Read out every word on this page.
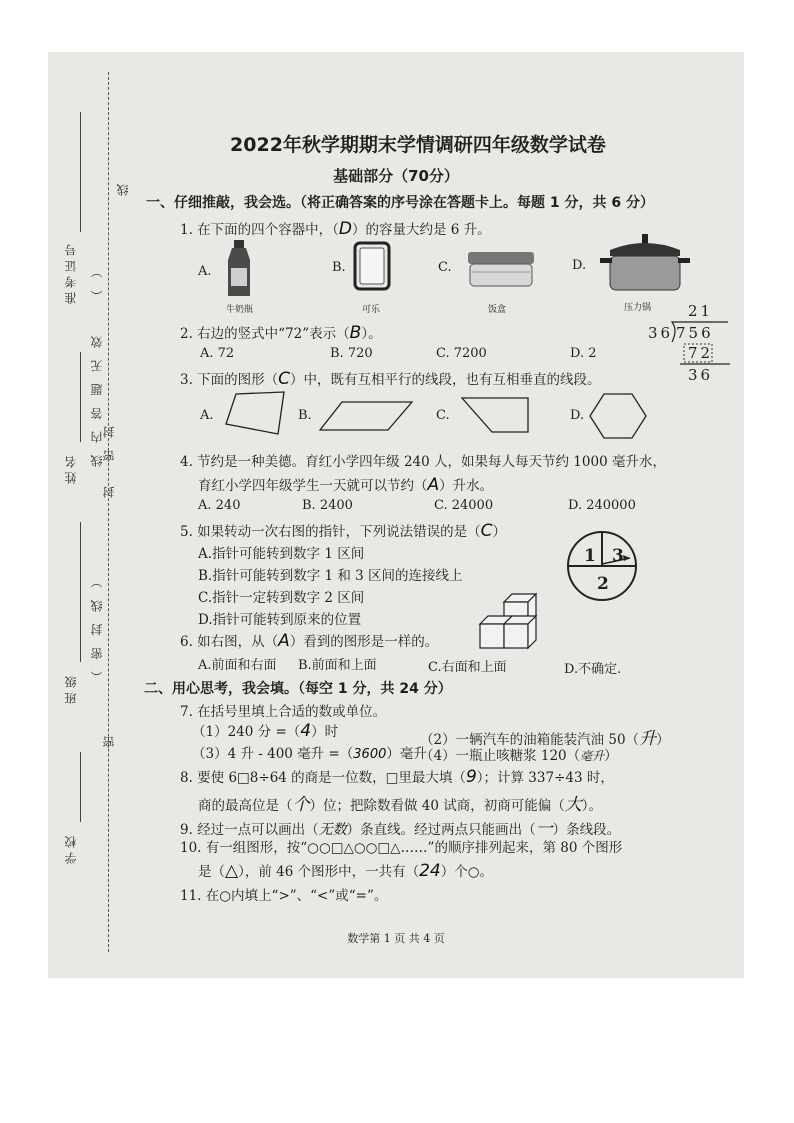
准考证号 （ ）
姓名
班级
学校
线 内 答 题 无 效
密 封
（ 密 封 线 ）
线
封
密
2022年秋学期期末学情调研四年级数学试卷
基础部分（70分）
一、仔细推敲，我会选。（将正确答案的序号涂在答题卡上。每题 1 分，共 6 分）
1. 在下面的四个容器中，（D）的容量大约是 6 升。
A.
牛奶瓶
B.
可乐
C.
饭盒
D.
压力锅
2. 右边的竖式中“72”表示（B）。
A. 72	B. 720	C. 7200	D. 2
21
36 756
72
36
3. 下面的图形（C）中，既有互相平行的线段，也有互相垂直的线段。
A.	B.	C.	D.
4. 节约是一种美德。育红小学四年级 240 人，如果每人每天节约 1000 毫升水，
育红小学四年级学生一天就可以节约（A）升水。
A. 240	B. 2400	C. 24000	D. 240000
5. 如果转动一次右图的指针，下列说法错误的是（C）
A.指针可能转到数字 1 区间
B.指针可能转到数字 1 和 3 区间的连接线上
C.指针一定转到数字 2 区间
D.指针可能转到原来的位置
1 3
2
6. 如右图，从（A）看到的图形是一样的。
A.前面和右面 B.前面和上面	C.右面和上面	D.不确定.
二、用心思考，我会填。（每空 1 分，共 24 分）
7. 在括号里填上合适的数或单位。
（1）240 分 =（4）时	（2）一辆汽车的油箱能装汽油 50（升）
（3）4 升 - 400 毫升 =（3600）毫升
（4）一瓶止咳糖浆 120（毫升）
8. 要使 6□8÷64 的商是一位数，□里最大填（9）；计算 337÷43 时，
商的最高位是（个）位；把除数看做 40 试商，初商可能偏（大）。
9. 经过一点可以画出（无数）条直线。经过两点只能画出（一）条线段。
10. 有一组图形，按“○○□△○○□△……”的顺序排列起来，第 80 个图形
是（△），前 46 个图形中，一共有（24）个○。
11. 在○内填上“>”、“<”或“=”。
数学第 1 页 共 4 页
